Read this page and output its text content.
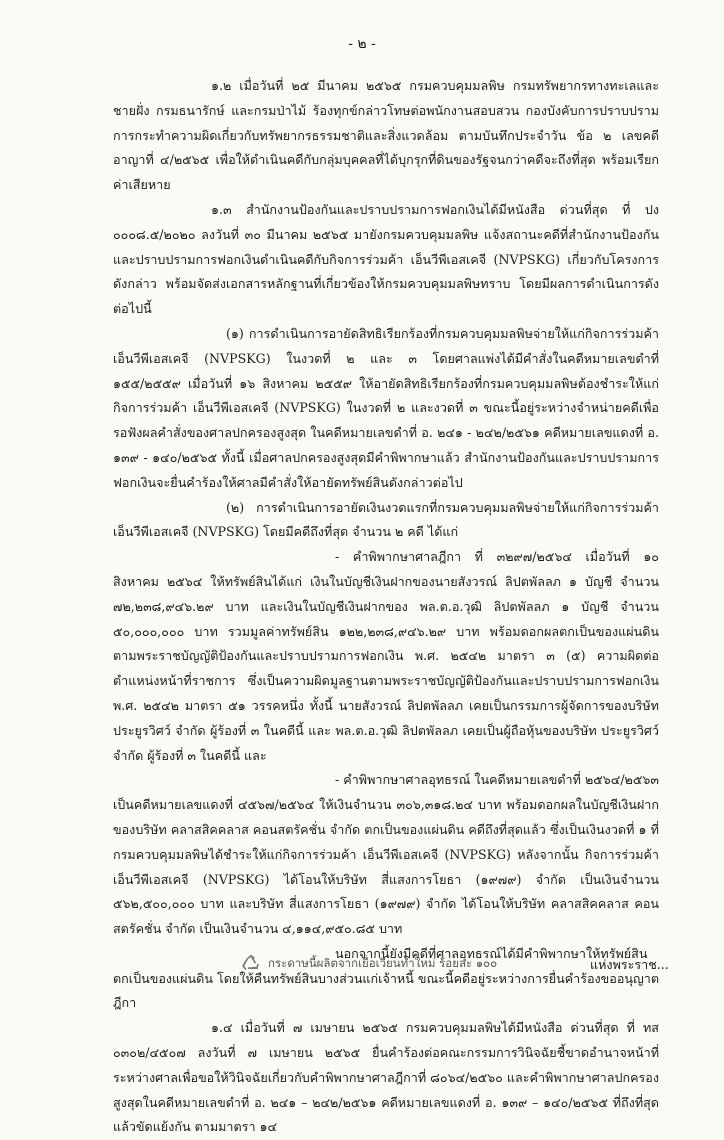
- ๒ -

๑.๒ เมื่อวันที่ ๒๕ มีนาคม ๒๕๖๕ กรมควบคุมมลพิษ กรมทรัพยากรทางทะเลและชายฝั่ง กรมธนารักษ์ และกรมป่าไม้ ร้องทุกข์กล่าวโทษต่อพนักงานสอบสวน กองบังคับการปราบปรามการกระทำความผิดเกี่ยวกับทรัพยากรธรรมชาติและสิ่งแวดล้อม ตามบันทึกประจำวัน ข้อ ๒ เลขคดีอาญาที่ ๔/๒๕๖๕ เพื่อให้ดำเนินคดีกับกลุ่มบุคคลที่ได้บุกรุกที่ดินของรัฐจนกว่าคดีจะถึงที่สุด พร้อมเรียกค่าเสียหาย

๑.๓ สำนักงานป้องกันและปราบปรามการฟอกเงินได้มีหนังสือ ด่วนที่สุด ที่ ปง ๐๐๐๘.๕/๒๐๒๐ ลงวันที่ ๓๐ มีนาคม ๒๕๖๕ มายังกรมควบคุมมลพิษ แจ้งสถานะคดีที่สำนักงานป้องกันและปราบปรามการฟอกเงินดำเนินคดีกับกิจการร่วมค้า เอ็นวีพีเอสเคจี (NVPSKG) เกี่ยวกับโครงการดังกล่าว พร้อมจัดส่งเอกสารหลักฐานที่เกี่ยวข้องให้กรมควบคุมมลพิษทราบ โดยมีผลการดำเนินการดังต่อไปนี้

(๑) การดำเนินการอายัดสิทธิเรียกร้องที่กรมควบคุมมลพิษจ่ายให้แก่กิจการร่วมค้า เอ็นวีพีเอสเคจี (NVPSKG) ในงวดที่ ๒ และ ๓ โดยศาลแพ่งได้มีคำสั่งในคดีหมายเลขดำที่ ๑๕๕/๒๕๕๙ เมื่อวันที่ ๑๖ สิงหาคม ๒๕๕๙ ให้อายัดสิทธิเรียกร้องที่กรมควบคุมมลพิษต้องชำระให้แก่กิจการร่วมค้า เอ็นวีพีเอสเคจี (NVPSKG) ในงวดที่ ๒ และงวดที่ ๓ ขณะนี้อยู่ระหว่างจำหน่ายคดีเพื่อรอฟังผลคำสั่งของศาลปกครองสูงสุด ในคดีหมายเลขดำที่ อ. ๒๔๑ - ๒๔๒/๒๕๖๑ คดีหมายเลขแดงที่ อ. ๑๓๙ - ๑๔๐/๒๕๖๕ ทั้งนี้ เมื่อศาลปกครองสูงสุดมีคำพิพากษาแล้ว สำนักงานป้องกันและปราบปรามการฟอกเงินจะยื่นคำร้องให้ศาลมีคำสั่งให้อายัดทรัพย์สินดังกล่าวต่อไป

(๒) การดำเนินการอายัดเงินงวดแรกที่กรมควบคุมมลพิษจ่ายให้แก่กิจการร่วมค้า เอ็นวีพีเอสเคจี (NVPSKG) โดยมีคดีถึงที่สุด จำนวน ๒ คดี ได้แก่

- คำพิพากษาศาลฎีกา ที่ ๓๒๙๗/๒๕๖๔ เมื่อวันที่ ๑๐ สิงหาคม ๒๕๖๔ ให้ทรัพย์สินได้แก่ เงินในบัญชีเงินฝากของนายสังวรณ์ ลิปตพัลลภ ๑ บัญชี จำนวน ๗๒,๒๓๘,๙๔๖.๒๙ บาท และเงินในบัญชีเงินฝากของ พล.ต.อ.วุฒิ ลิปตพัลลภ ๑ บัญชี จำนวน ๕๐,๐๐๐,๐๐๐ บาท รวมมูลค่าทรัพย์สิน ๑๒๒,๒๓๘,๙๔๖.๒๙ บาท พร้อมดอกผลตกเป็นของแผ่นดิน ตามพระราชบัญญัติป้องกันและปราบปรามการฟอกเงิน พ.ศ. ๒๕๔๒ มาตรา ๓ (๕) ความผิดต่อตำแหน่งหน้าที่ราชการ ซึ่งเป็นความผิดมูลฐานตามพระราชบัญญัติป้องกันและปราบปรามการฟอกเงิน พ.ศ. ๒๕๔๒ มาตรา ๕๑ วรรคหนึ่ง ทั้งนี้ นายสังวรณ์ ลิปตพัลลภ เคยเป็นกรรมการผู้จัดการของบริษัท ประยูรวิศว์ จำกัด ผู้ร้องที่ ๓ ในคดีนี้ และ พล.ต.อ.วุฒิ ลิปตพัลลภ เคยเป็นผู้ถือหุ้นของบริษัท ประยูรวิศว์ จำกัด ผู้ร้องที่ ๓ ในคดีนี้ และ

- คำพิพากษาศาลอุทธรณ์ ในคดีหมายเลขดำที่ ๒๕๖๔/๒๕๖๓ เป็นคดีหมายเลขแดงที่ ๔๕๖๗/๒๕๖๔ ให้เงินจำนวน ๓๐๖,๓๑๘.๒๔ บาท พร้อมดอกผลในบัญชีเงินฝากของบริษัท คลาสสิคคลาส คอนสตรัคชั่น จำกัด ตกเป็นของแผ่นดิน คดีถึงที่สุดแล้ว ซึ่งเป็นเงินงวดที่ ๑ ที่กรมควบคุมมลพิษได้ชำระให้แก่กิจการร่วมค้า เอ็นวีพีเอสเคจี (NVPSKG) หลังจากนั้น กิจการร่วมค้า เอ็นวีพีเอสเคจี (NVPSKG) ได้โอนให้บริษัท สี่แสงการโยธา (๑๙๗๙) จำกัด เป็นเงินจำนวน ๕๖๒,๕๐๐,๐๐๐ บาท และบริษัท สี่แสงการโยธา (๑๙๗๙) จำกัด ได้โอนให้บริษัท คลาสสิคคลาส คอนสตรัคชั่น จำกัด เป็นเงินจำนวน ๔,๑๑๔,๙๕๐.๘๕ บาท

นอกจากนี้ยังมีคดีที่ศาลอุทธรณ์ได้มีคำพิพากษาให้ทรัพย์สินตกเป็นของแผ่นดิน โดยให้คืนทรัพย์สินบางส่วนแก่เจ้าหนี้ ขณะนี้คดีอยู่ระหว่างการยื่นคำร้องขออนุญาตฎีกา

๑.๔ เมื่อวันที่ ๗ เมษายน ๒๕๖๕ กรมควบคุมมลพิษได้มีหนังสือ ด่วนที่สุด ที่ ทส ๐๓๐๒/๔๕๐๗ ลงวันที่ ๗ เมษายน ๒๕๖๕ ยื่นคำร้องต่อคณะกรรมการวินิจฉัยชี้ขาดอำนาจหน้าที่ระหว่างศาลเพื่อขอให้วินิจฉัยเกี่ยวกับคำพิพากษาศาลฎีกาที่ ๘๐๖๔/๒๕๖๐ และคำพิพากษาศาลปกครองสูงสุดในคดีหมายเลขดำที่ อ. ๒๔๑ – ๒๔๒/๒๕๖๑ คดีหมายเลขแดงที่ อ. ๑๓๙ – ๑๔๐/๒๕๖๕ ที่ถึงที่สุดแล้วขัดแย้งกัน ตามมาตรา ๑๔

กระดาษนี้ผลิตจากเยื่อเวียนทำใหม่ ร้อยละ ๑๐๐	แห่งพระราช...
